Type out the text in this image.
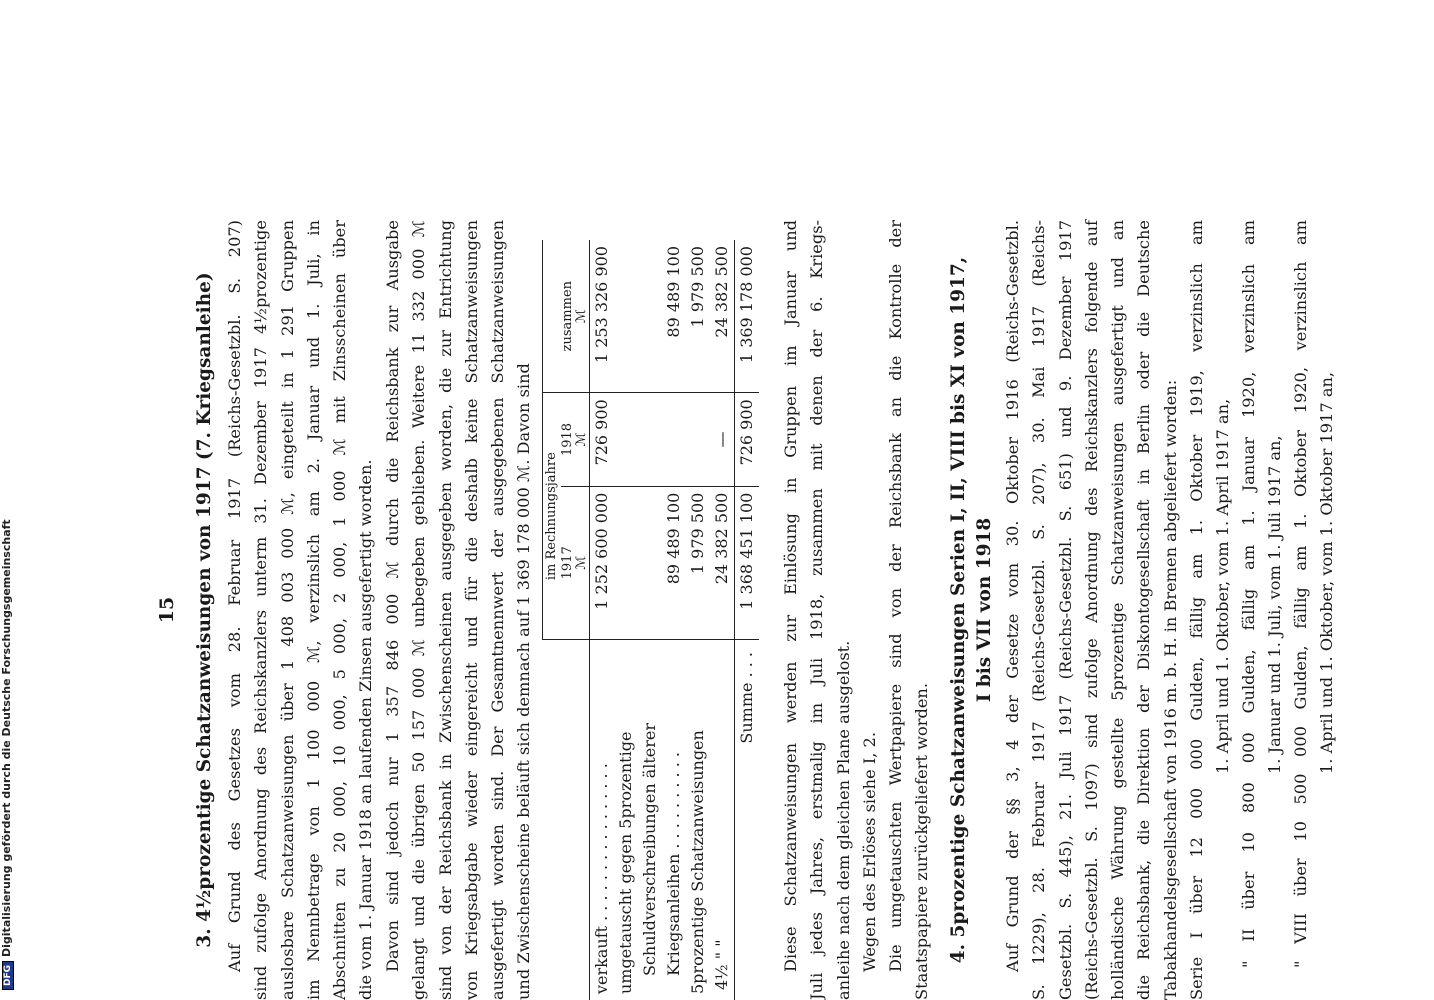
15 3. 4½prozentige Schatzanweisungen von 1917 (7. Kriegsanleihe) Auf Grund des Gesetzes vom 28. Februar 1917 (Reichs-Gesetzbl. S. 207) sind zufolge Anordnung des Reichskanzlers unterm 31. Dezember 1917 4½prozentige auslosbare Schatzanweisungen über 1 408 003 000 ℳ, eingeteilt in 1 291 Gruppen im Nennbetrage von 1 100 000 ℳ, verzinslich am 2. Januar und 1. Juli, in Abschnitten zu 20 000, 10 000, 5 000, 2 000, 1 000 ℳ mit Zinsscheinen über die vom 1. Januar 1918 an laufenden Zinsen ausgefertigt worden. Davon sind jedoch nur 1 357 846 000 ℳ durch die Reichsbank zur Ausgabe gelangt und die übrigen 50 157 000 ℳ unbegeben geblieben. Weitere 11 332 000 ℳ sind von der Reichsbank in Zwischenscheinen ausgegeben worden, die zur Entrichtung von Kriegsabgabe wieder eingereicht und für die deshalb keine Schatzanweisungen ausgefertigt worden sind. Der Gesamtnennwert der ausgegebenen Schatzanweisungen und Zwischenscheine beläuft sich demnach auf 1 369 178 000 ℳ. Davon sind
	im Rechnungsjahre		zusammen
ℳ
	1917
ℳ	1918
ℳ	
verkauft . . . . . . . . . . . . . . . .	1 252 600 000	726 900	1 253 326 900
umgetauscht gegen 5prozentige			
Schuldverschreibungen älterer			
Kriegsanleihen . . . . . . . . . .	89 489 100		89 489 100
5prozentige Schatzanweisungen	1 979 500		1 979 500
4½ " "	24 382 500	—	24 382 500
Summe . . .	1 368 451 100	726 900	1 369 178 000 Diese Schatzanweisungen werden zur Einlösung in Gruppen im Januar und Juli jedes Jahres, erstmalig im Juli 1918, zusammen mit denen der 6. Kriegs- anleihe nach dem gleichen Plane ausgelost. Wegen des Erlöses siehe I, 2. Die umgetauschten Wertpapiere sind von der Reichsbank an die Kontrolle der Staatspapiere zurückgeliefert worden. 4. 5prozentige Schatzanweisungen Serien I, II, VIII bis XI von 1917, I bis VII von 1918 Auf Grund der §§ 3, 4 der Gesetze vom 30. Oktober 1916 (Reichs-Gesetzbl. S. 1229), 28. Februar 1917 (Reichs-Gesetzbl. S. 207), 30. Mai 1917 (Reichs- Gesetzbl. S. 445), 21. Juli 1917 (Reichs-Gesetzbl. S. 651) und 9. Dezember 1917 (Reichs-Gesetzbl. S. 1097) sind zufolge Anordnung des Reichskanzlers folgende auf holländische Währung gestellte 5prozentige Schatzanweisungen ausgefertigt und an die Reichsbank, die Direktion der Diskontogesellschaft in Berlin oder die Deutsche Tabakhandelsgesellschaft von 1916 m. b. H. in Bremen abgeliefert worden: Serie I über 12 000 000 Gulden, fällig am 1. Oktober 1919, verzinslich am 1. April und 1. Oktober, vom 1. April 1917 an, " II über 10 800 000 Gulden, fällig am 1. Januar 1920, verzinslich am 1. Januar und 1. Juli, vom 1. Juli 1917 an, " VIII über 10 500 000 Gulden, fällig am 1. Oktober 1920, verzinslich am 1. April und 1. Oktober, vom 1. Oktober 1917 an,
DFGDigitalisierung gefördert durch die Deutsche Forschungsgemeinschaft
